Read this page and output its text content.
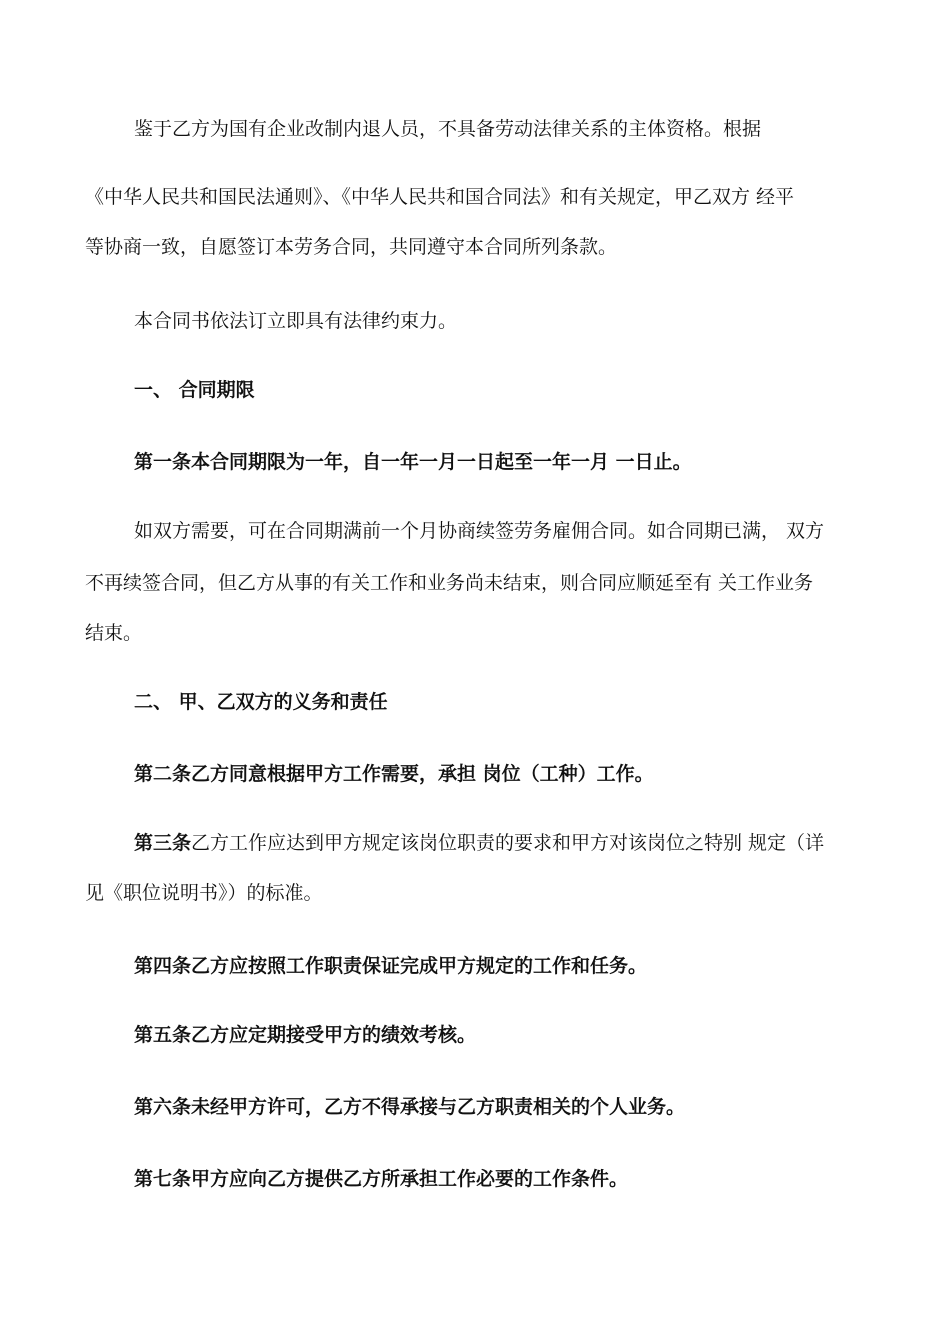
鉴于乙方为国有企业改制内退人员，不具备劳动法律关系的主体资格。根据
《中华人民共和国民法通则》、《中华人民共和国合同法》和有关规定，甲乙双方 经平
等协商一致，自愿签订本劳务合同，共同遵守本合同所列条款。
本合同书依法订立即具有法律约束力。
一、 合同期限
第一条本合同期限为一年，自一年一月一日起至一年一月 一日止。
如双方需要，可在合同期满前一个月协商续签劳务雇佣合同。如合同期已满， 双方
不再续签合同，但乙方从事的有关工作和业务尚未结束，则合同应顺延至有 关工作业务
结束。
二、 甲、乙双方的义务和责任
第二条乙方同意根据甲方工作需要，承担 岗位（工种）工作。
第三条乙方工作应达到甲方规定该岗位职责的要求和甲方对该岗位之特别 规定（详
见《职位说明书》）的标准。
第四条乙方应按照工作职责保证完成甲方规定的工作和任务。
第五条乙方应定期接受甲方的绩效考核。
第六条未经甲方许可，乙方不得承接与乙方职责相关的个人业务。
第七条甲方应向乙方提供乙方所承担工作必要的工作条件。
